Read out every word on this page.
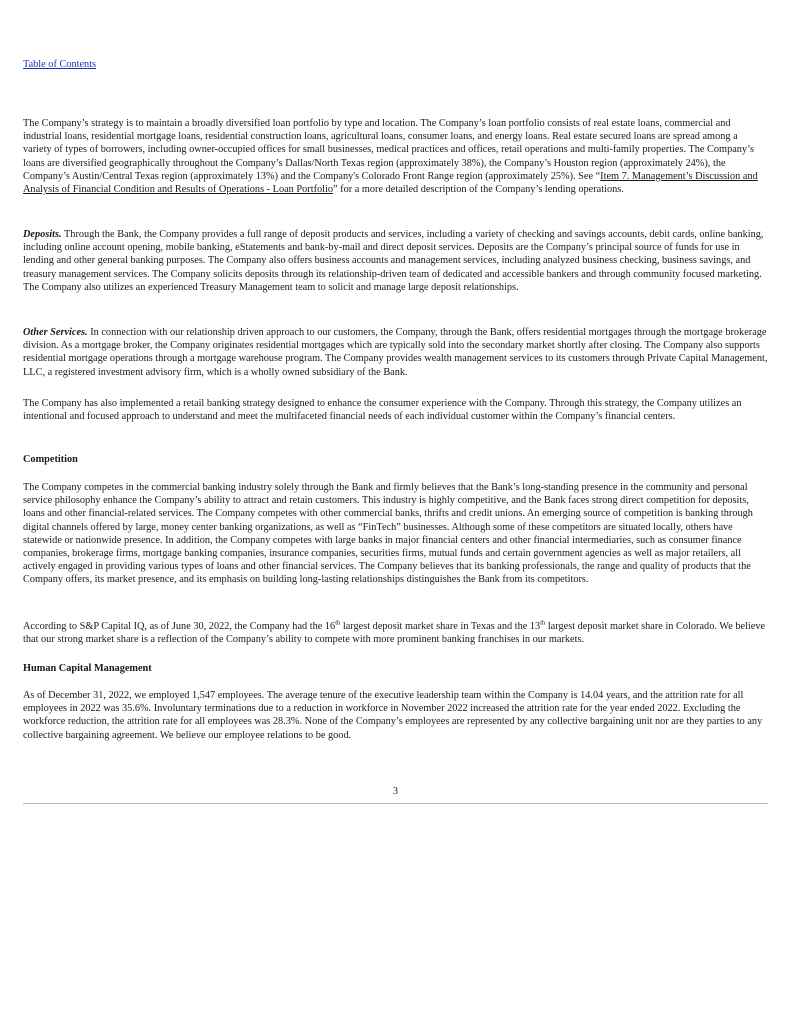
Table of Contents

The Company’s strategy is to maintain a broadly diversified loan portfolio by type and location. The Company’s loan portfolio consists of real estate loans, commercial and industrial loans, residential mortgage loans, residential construction loans, agricultural loans, consumer loans, and energy loans. Real estate secured loans are spread among a variety of types of borrowers, including owner-occupied offices for small businesses, medical practices and offices, retail operations and multi-family properties. The Company’s loans are diversified geographically throughout the Company’s Dallas/North Texas region (approximately 38%), the Company’s Houston region (approximately 24%), the Company’s Austin/Central Texas region (approximately 13%) and the Company's Colorado Front Range region (approximately 25%). See “Item 7. Management’s Discussion and Analysis of Financial Condition and Results of Operations - Loan Portfolio” for a more detailed description of the Company’s lending operations.

Deposits. Through the Bank, the Company provides a full range of deposit products and services, including a variety of checking and savings accounts, debit cards, online banking, including online account opening, mobile banking, eStatements and bank-by-mail and direct deposit services. Deposits are the Company’s principal source of funds for use in lending and other general banking purposes. The Company also offers business accounts and management services, including analyzed business checking, business savings, and treasury management services. The Company solicits deposits through its relationship-driven team of dedicated and accessible bankers and through community focused marketing. The Company also utilizes an experienced Treasury Management team to solicit and manage large deposit relationships.

Other Services. In connection with our relationship driven approach to our customers, the Company, through the Bank, offers residential mortgages through the mortgage brokerage division. As a mortgage broker, the Company originates residential mortgages which are typically sold into the secondary market shortly after closing. The Company also supports residential mortgage operations through a mortgage warehouse program. The Company provides wealth management services to its customers through Private Capital Management, LLC, a registered investment advisory firm, which is a wholly owned subsidiary of the Bank.

The Company has also implemented a retail banking strategy designed to enhance the consumer experience with the Company. Through this strategy, the Company utilizes an intentional and focused approach to understand and meet the multifaceted financial needs of each individual customer within the Company’s financial centers.

Competition

The Company competes in the commercial banking industry solely through the Bank and firmly believes that the Bank’s long-standing presence in the community and personal service philosophy enhance the Company’s ability to attract and retain customers. This industry is highly competitive, and the Bank faces strong direct competition for deposits, loans and other financial-related services. The Company competes with other commercial banks, thrifts and credit unions. An emerging source of competition is banking through digital channels offered by large, money center banking organizations, as well as “FinTech” businesses. Although some of these competitors are situated locally, others have statewide or nationwide presence. In addition, the Company competes with large banks in major financial centers and other financial intermediaries, such as consumer finance companies, brokerage firms, mortgage banking companies, insurance companies, securities firms, mutual funds and certain government agencies as well as major retailers, all actively engaged in providing various types of loans and other financial services. The Company believes that its banking professionals, the range and quality of products that the Company offers, its market presence, and its emphasis on building long-lasting relationships distinguishes the Bank from its competitors.

According to S&P Capital IQ, as of June 30, 2022, the Company had the 16th largest deposit market share in Texas and the 13th largest deposit market share in Colorado. We believe that our strong market share is a reflection of the Company’s ability to compete with more prominent banking franchises in our markets.

Human Capital Management

As of December 31, 2022, we employed 1,547 employees. The average tenure of the executive leadership team within the Company is 14.04 years, and the attrition rate for all employees in 2022 was 35.6%. Involuntary terminations due to a reduction in workforce in November 2022 increased the attrition rate for the year ended 2022. Excluding the workforce reduction, the attrition rate for all employees was 28.3%. None of the Company’s employees are represented by any collective bargaining unit nor are they parties to any collective bargaining agreement. We believe our employee relations to be good.

3
